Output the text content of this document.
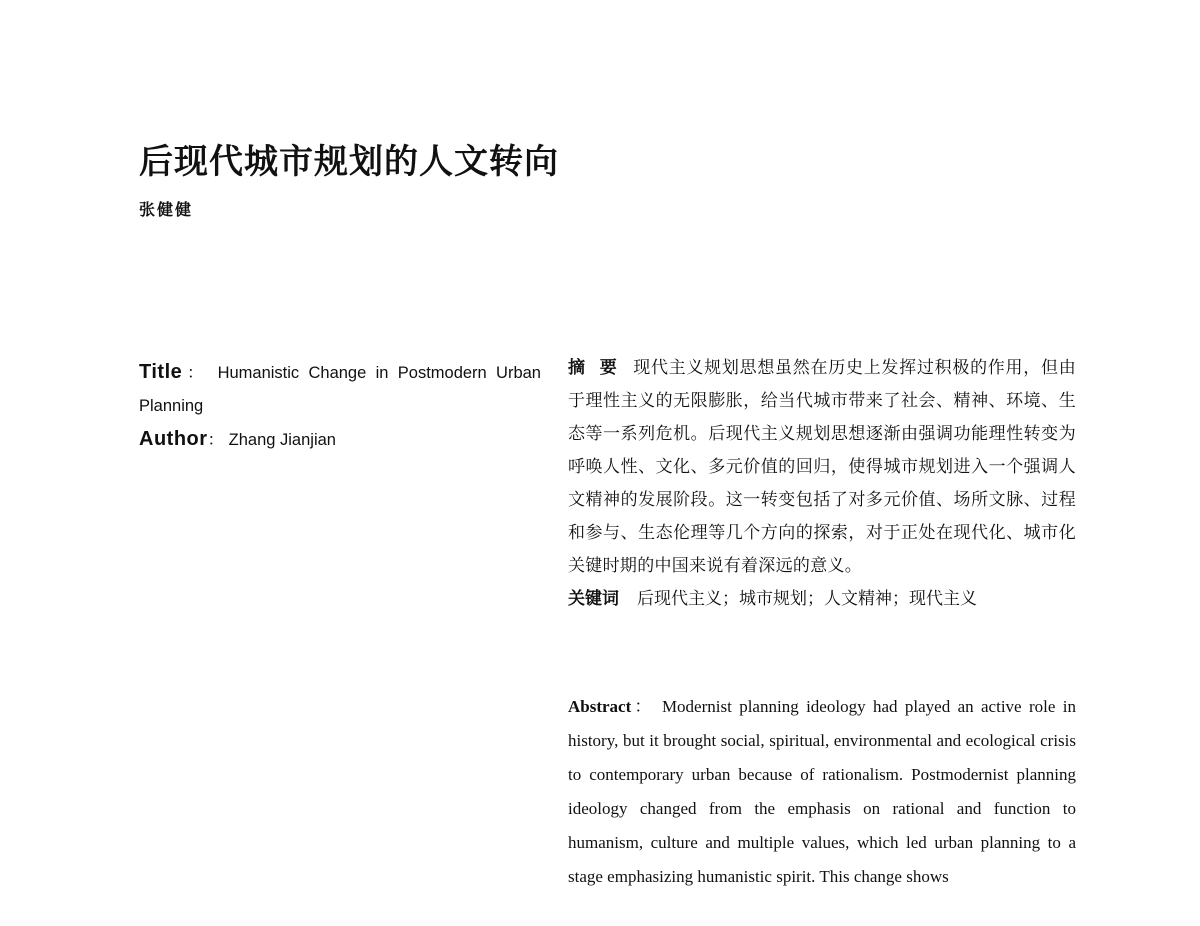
后现代城市规划的人文转向
张健健
Title： Humanistic Change in Postmodern Urban Planning
Author： Zhang Jianjian

摘 要 现代主义规划思想虽然在历史上发挥过积极的作用，但由于理性主义的无限膨胀，给当代城市带来了社会、精神、环境、生态等一系列危机。后现代主义规划思想逐渐由强调功能理性转变为呼唤人性、文化、多元价值的回归，使得城市规划进入一个强调人文精神的发展阶段。这一转变包括了对多元价值、场所文脉、过程和参与、生态伦理等几个方向的探索，对于正处在现代化、城市化关键时期的中国来说有着深远的意义。

关键词 后现代主义；城市规划；人文精神；现代主义

Abstract： Modernist planning ideology had played an active role in history, but it brought social, spiritual, environmental and ecological crisis to contemporary urban because of rationalism. Postmodernist planning ideology changed from the emphasis on rational and function to humanism, culture and multiple values, which led urban planning to a stage emphasizing humanistic spirit. This change shows
